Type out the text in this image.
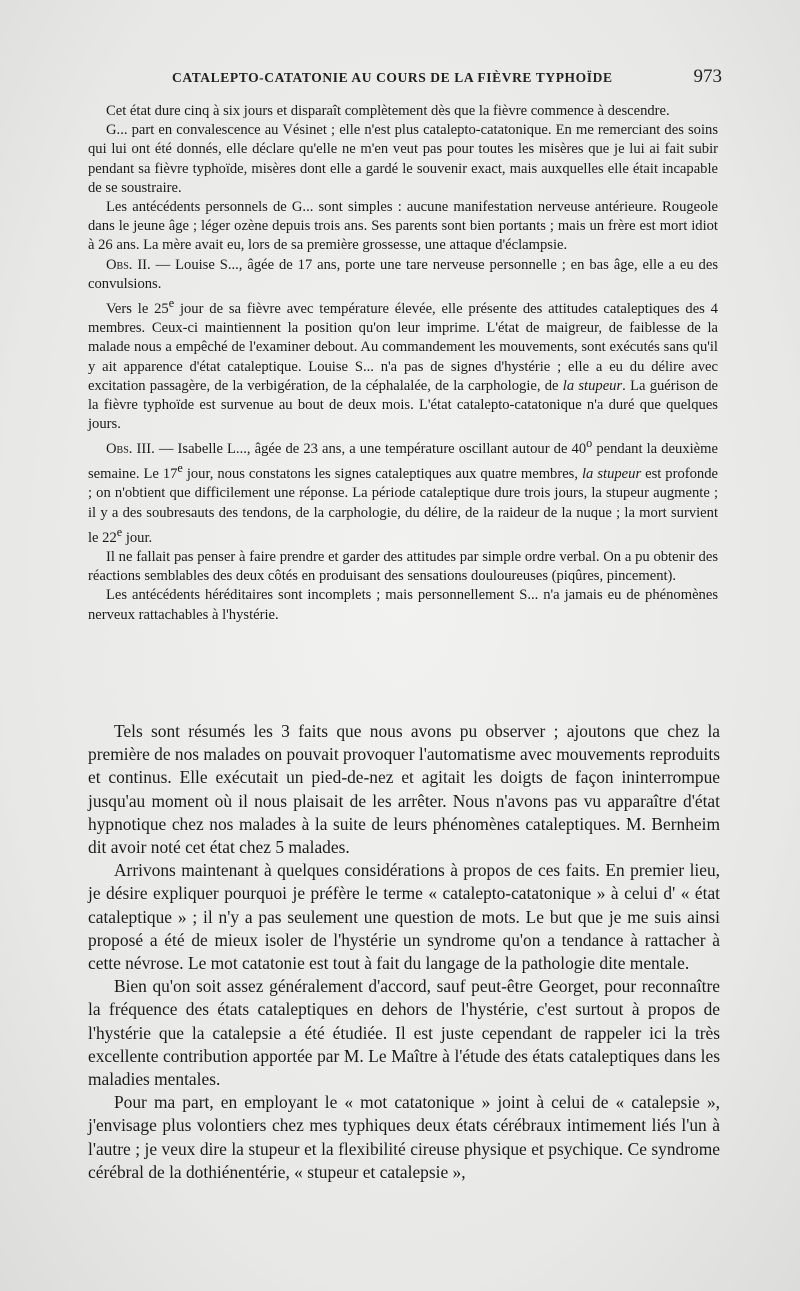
CATALEPTO-CATATONIE AU COURS DE LA FIÈVRE TYPHOÏDE	973

Cet état dure cinq à six jours et disparaît complètement dès que la fièvre commence à descendre.

G... part en convalescence au Vésinet ; elle n'est plus catalepto-catatonique. En me remerciant des soins qui lui ont été donnés, elle déclare qu'elle ne m'en veut pas pour toutes les misères que je lui ai fait subir pendant sa fièvre typhoïde, misères dont elle a gardé le souvenir exact, mais auxquelles elle était incapable de se soustraire.

Les antécédents personnels de G... sont simples : aucune manifestation nerveuse antérieure. Rougeole dans le jeune âge ; léger ozène depuis trois ans. Ses parents sont bien portants ; mais un frère est mort idiot à 26 ans. La mère avait eu, lors de sa première grossesse, une attaque d'éclampsie.

Obs. II. — Louise S..., âgée de 17 ans, porte une tare nerveuse personnelle ; en bas âge, elle a eu des convulsions.

Vers le 25e jour de sa fièvre avec température élevée, elle présente des attitudes cataleptiques des 4 membres. Ceux-ci maintiennent la position qu'on leur imprime. L'état de maigreur, de faiblesse de la malade nous a empêché de l'examiner debout. Au commandement les mouvements, sont exécutés sans qu'il y ait apparence d'état cataleptique. Louise S... n'a pas de signes d'hystérie ; elle a eu du délire avec excitation passagère, de la verbigération, de la céphalalée, de la carphologie, de la stupeur. La guérison de la fièvre typhoïde est survenue au bout de deux mois. L'état catalepto-catatonique n'a duré que quelques jours.

Obs. III. — Isabelle L..., âgée de 23 ans, a une température oscillant autour de 40$^o$ pendant la deuxième semaine. Le 17e jour, nous constatons les signes cataleptiques aux quatre membres, la stupeur est profonde ; on n'obtient que difficilement une réponse. La période cataleptique dure trois jours, la stupeur augmente ; il y a des soubresauts des tendons, de la carphologie, du délire, de la raideur de la nuque ; la mort survient le 22e jour.

Il ne fallait pas penser à faire prendre et garder des attitudes par simple ordre verbal. On a pu obtenir des réactions semblables des deux côtés en produisant des sensations douloureuses (piqûres, pincement).

Les antécédents héréditaires sont incomplets ; mais personnellement S... n'a jamais eu de phénomènes nerveux rattachables à l'hystérie.

Tels sont résumés les 3 faits que nous avons pu observer ; ajoutons que chez la première de nos malades on pouvait provoquer l'automatisme avec mouvements reproduits et continus. Elle exécutait un pied-de-nez et agitait les doigts de façon ininterrompue jusqu'au moment où il nous plaisait de les arrêter. Nous n'avons pas vu apparaître d'état hypnotique chez nos malades à la suite de leurs phénomènes cataleptiques. M. Bernheim dit avoir noté cet état chez 5 malades.

Arrivons maintenant à quelques considérations à propos de ces faits. En premier lieu, je désire expliquer pourquoi je préfère le terme « catalepto-catatonique » à celui d' « état cataleptique » ; il n'y a pas seulement une question de mots. Le but que je me suis ainsi proposé a été de mieux isoler de l'hystérie un syndrome qu'on a tendance à rattacher à cette névrose. Le mot catatonie est tout à fait du langage de la pathologie dite mentale.

Bien qu'on soit assez généralement d'accord, sauf peut-être Georget, pour reconnaître la fréquence des états cataleptiques en dehors de l'hystérie, c'est surtout à propos de l'hystérie que la catalepsie a été étudiée. Il est juste cependant de rappeler ici la très excellente contribution apportée par M. Le Maître à l'étude des états cataleptiques dans les maladies mentales.

Pour ma part, en employant le « mot catatonique » joint à celui de « catalepsie », j'envisage plus volontiers chez mes typhiques deux états cérébraux intimement liés l'un à l'autre ; je veux dire la stupeur et la flexibilité cireuse physique et psychique. Ce syndrome cérébral de la dothiénentérie, « stupeur et catalepsie »,
